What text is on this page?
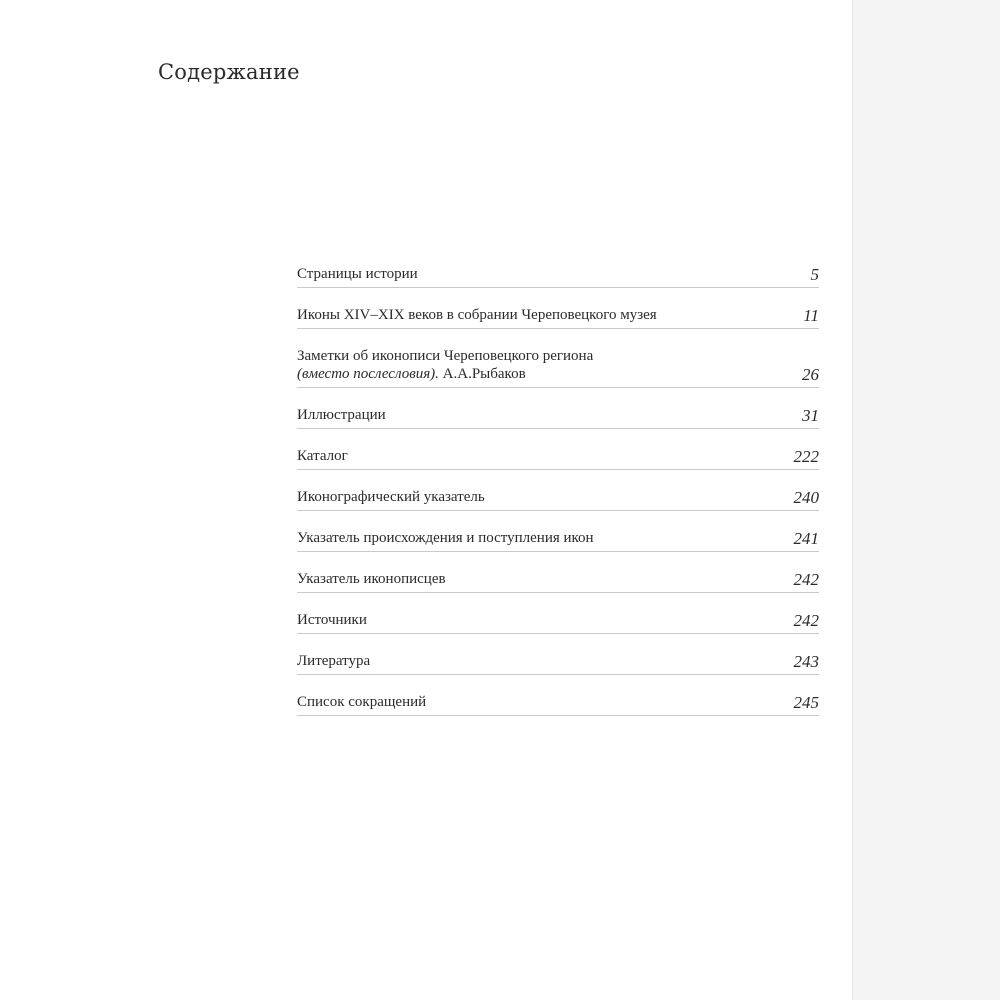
Содержание
Страницы истории	5
Иконы XIV–XIX веков в собрании Череповецкого музея	11
Заметки об иконописи Череповецкого региона
(вместо послесловия). А.А.Рыбаков	26
Иллюстрации	31
Каталог	222
Иконографический указатель	240
Указатель происхождения и поступления икон	241
Указатель иконописцев	242
Источники	242
Литература	243
Список сокращений	245
